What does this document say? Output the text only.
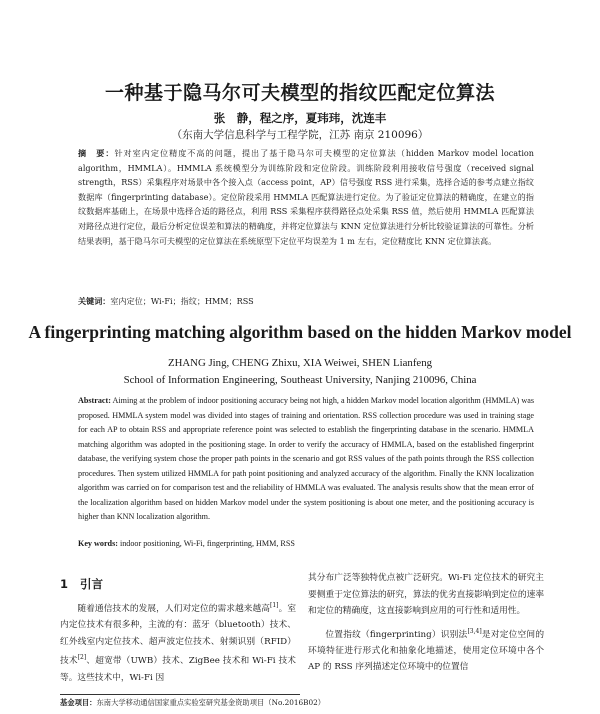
一种基于隐马尔可夫模型的指纹匹配定位算法
张　静，程之序，夏玮玮，沈连丰
（东南大学信息科学与工程学院，江苏 南京 210096）
摘　要：针对室内定位精度不高的问题，提出了基于隐马尔可夫模型的定位算法（hidden Markov model location algorithm，HMMLA）。HMMLA 系统模型分为训练阶段和定位阶段。训练阶段利用接收信号强度（received signal strength，RSS）采集程序对场景中各个接入点（access point，AP）信号强度 RSS 进行采集，选择合适的参考点建立指纹数据库（fingerprinting database）。定位阶段采用 HMMLA 匹配算法进行定位。为了验证定位算法的精确度，在建立的指纹数据库基础上，在场景中选择合适的路径点，利用 RSS 采集程序获得路径点处采集 RSS 值，然后使用 HMMLA 匹配算法对路径点进行定位，最后分析定位误差和算法的精确度，并将定位算法与 KNN 定位算法进行分析比较验证算法的可靠性。分析结果表明，基于隐马尔可夫模型的定位算法在系统原型下定位平均误差为 1 m 左右，定位精度比 KNN 定位算法高。
关键词：室内定位；Wi-Fi；指纹；HMM；RSS
A fingerprinting matching algorithm based on the hidden Markov model
ZHANG Jing, CHENG Zhixu, XIA Weiwei, SHEN Lianfeng
School of Information Engineering, Southeast University, Nanjing 210096, China
Abstract: Aiming at the problem of indoor positioning accuracy being not high, a hidden Markov model location algorithm (HMMLA) was proposed. HMMLA system model was divided into stages of training and orientation. RSS collection procedure was used in training stage for each AP to obtain RSS and appropriate reference point was selected to establish the fingerprinting database in the scenario. HMMLA matching algorithm was adopted in the positioning stage. In order to verify the accuracy of HMMLA, based on the established fingerprint database, the verifying system chose the proper path points in the scenario and got RSS values of the path points through the RSS collection procedures. Then system utilized HMMLA for path point positioning and analyzed accuracy of the algorithm. Finally the KNN localization algorithm was carried on for comparison test and the reliability of HMMLA was evaluated. The analysis results show that the mean error of the localization algorithm based on hidden Markov model under the system positioning is about one meter, and the positioning accuracy is higher than KNN localization algorithm.
Key words: indoor positioning, Wi-Fi, fingerprinting, HMM, RSS
1 引言

随着通信技术的发展，人们对定位的需求越来越高[1]。室内定位技术有很多种，主流的有：蓝牙（bluetooth）技术、红外线室内定位技术、超声波定位技术、射频识别（RFID）技术[2]、超宽带（UWB）技术、ZigBee 技术和 Wi-Fi 技术等。这些技术中，Wi-Fi 因

其分布广泛等独特优点被广泛研究。Wi-Fi 定位技术的研究主要侧重于定位算法的研究，算法的优劣直接影响到定位的速率和定位的精确度，这直接影响到应用的可行性和适用性。

位置指纹（fingerprinting）识别法[3,4]是对定位空间的环境特征进行形式化和抽象化地描述，使用定位环境中各个 AP 的 RSS 序列描述定位环境中的位置信

基金项目：东南大学移动通信国家重点实验室研究基金资助项目（No.2016B02）
